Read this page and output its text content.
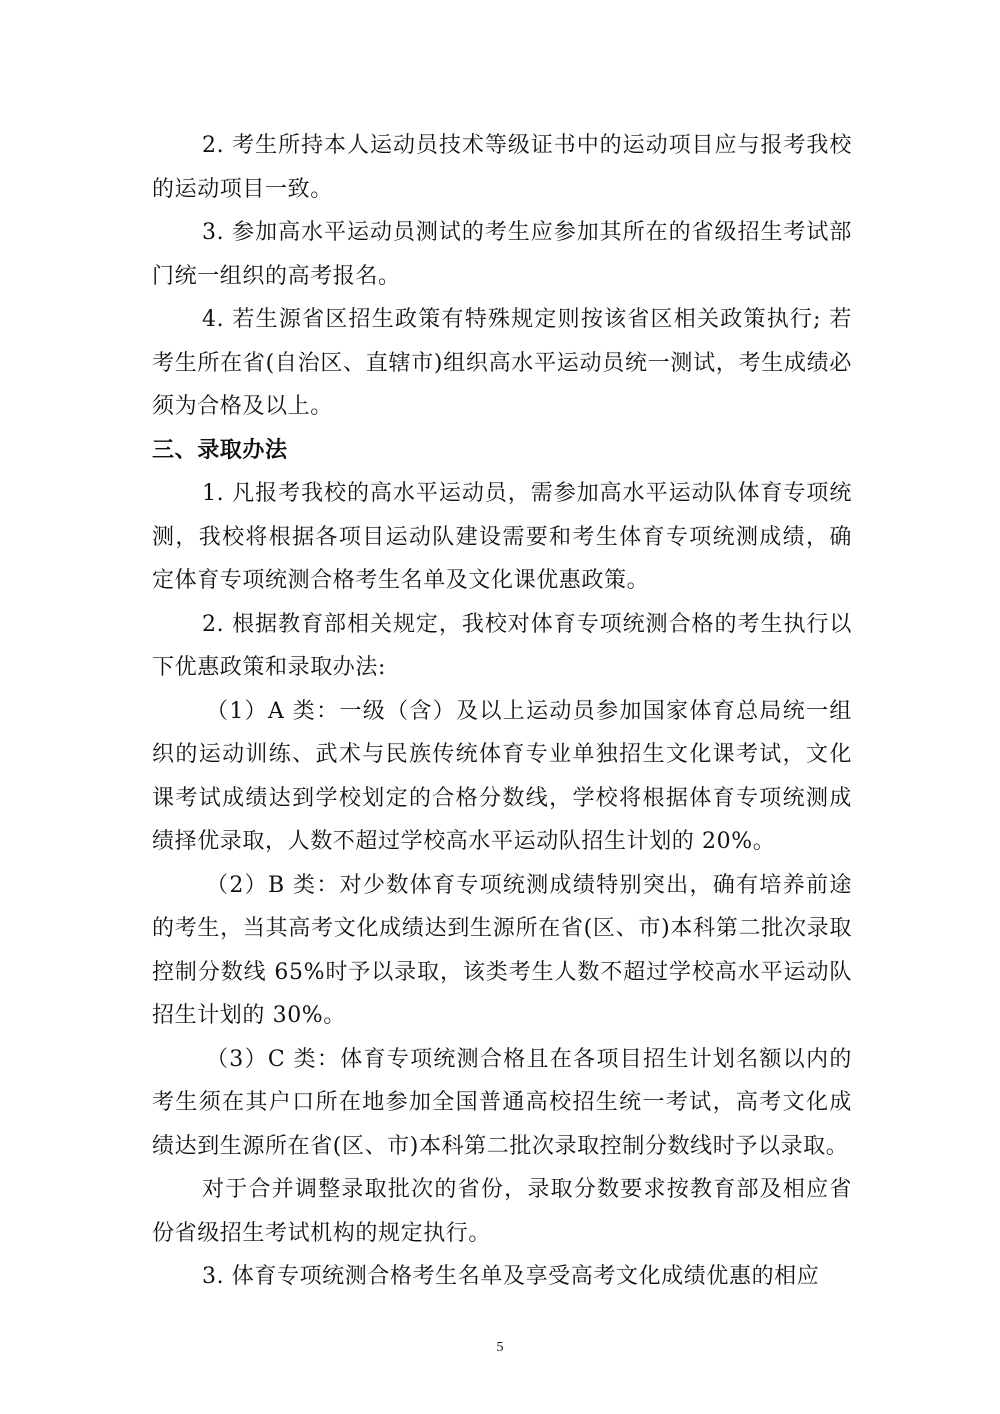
2. 考生所持本人运动员技术等级证书中的运动项目应与报考我校的运动项目一致。

3. 参加高水平运动员测试的考生应参加其所在的省级招生考试部门统一组织的高考报名。

4. 若生源省区招生政策有特殊规定则按该省区相关政策执行; 若考生所在省(自治区、直辖市)组织高水平运动员统一测试，考生成绩必须为合格及以上。

三、录取办法

1. 凡报考我校的高水平运动员，需参加高水平运动队体育专项统测，我校将根据各项目运动队建设需要和考生体育专项统测成绩，确定体育专项统测合格考生名单及文化课优惠政策。

2. 根据教育部相关规定，我校对体育专项统测合格的考生执行以下优惠政策和录取办法:

（1）A 类：一级（含）及以上运动员参加国家体育总局统一组织的运动训练、武术与民族传统体育专业单独招生文化课考试，文化课考试成绩达到学校划定的合格分数线，学校将根据体育专项统测成绩择优录取，人数不超过学校高水平运动队招生计划的 20%。

（2）B 类：对少数体育专项统测成绩特别突出，确有培养前途的考生，当其高考文化成绩达到生源所在省(区、市)本科第二批次录取控制分数线 65%时予以录取，该类考生人数不超过学校高水平运动队招生计划的 30%。

（3）C 类：体育专项统测合格且在各项目招生计划名额以内的考生须在其户口所在地参加全国普通高校招生统一考试，高考文化成绩达到生源所在省(区、市)本科第二批次录取控制分数线时予以录取。

对于合并调整录取批次的省份，录取分数要求按教育部及相应省份省级招生考试机构的规定执行。

3. 体育专项统测合格考生名单及享受高考文化成绩优惠的相应

5
